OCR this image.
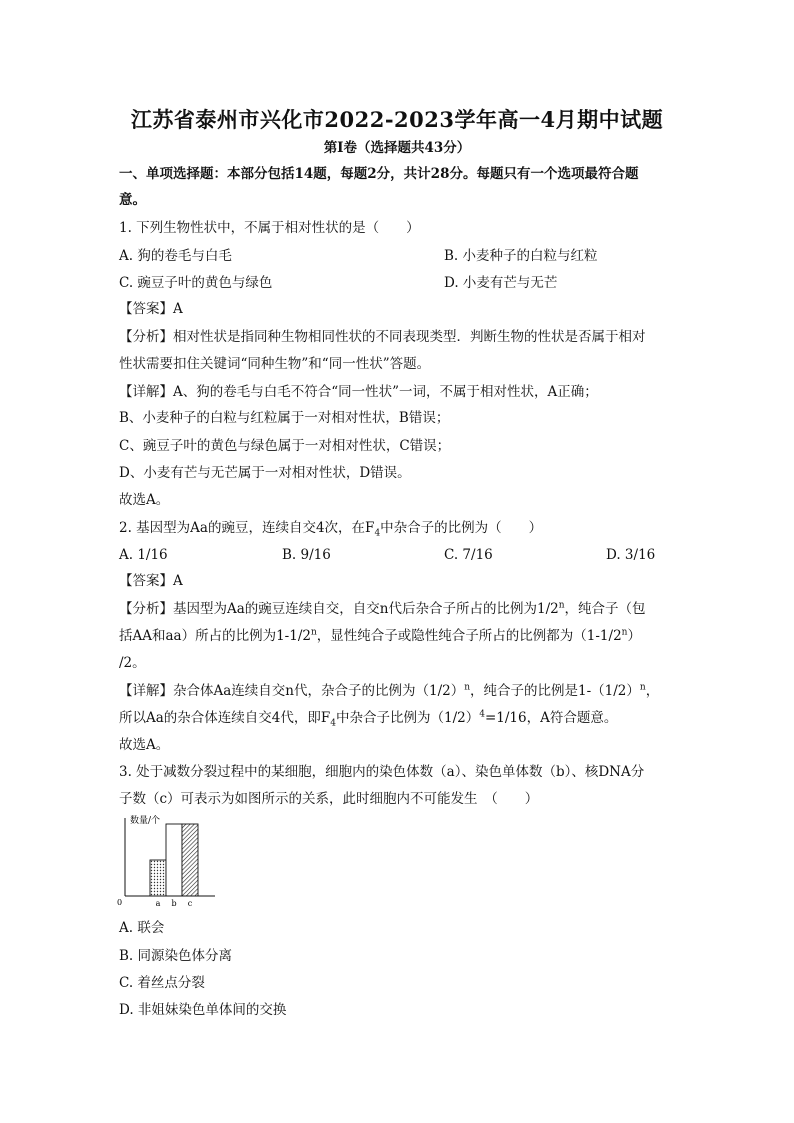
江苏省泰州市兴化市2022-2023学年高一4月期中试题
第Ⅰ卷（选择题共43分）
一、单项选择题：本部分包括14题，每题2分，共计28分。每题只有一个选项最符合题
意。
1. 下列生物性状中，不属于相对性状的是（　　）
A. 狗的卷毛与白毛	B. 小麦种子的白粒与红粒
C. 豌豆子叶的黄色与绿色	D. 小麦有芒与无芒
【答案】A
【分析】相对性状是指同种生物相同性状的不同表现类型．判断生物的性状是否属于相对
性状需要扣住关键词“同种生物”和“同一性状”答题。
【详解】A、狗的卷毛与白毛不符合“同一性状”一词，不属于相对性状，A正确；
B、小麦种子的白粒与红粒属于一对相对性状，B错误；
C、豌豆子叶的黄色与绿色属于一对相对性状，C错误；
D、小麦有芒与无芒属于一对相对性状，D错误。
故选A。
2. 基因型为Aa的豌豆，连续自交4次，在$F_4$中杂合子的比例为（　　）
A. 1/16	B. 9/16	C. 7/16	D. 3/16
【答案】A
【分析】基因型为Aa的豌豆连续自交，自交n代后杂合子所占的比例为1/2$^n$，纯合子（包
括AA和aa）所占的比例为1-1/2$^n$，显性纯合子或隐性纯合子所占的比例都为（1-1/2$^n$）
/2。
【详解】杂合体Aa连续自交n代，杂合子的比例为$(1/2)^n$，纯合子的比例是$1-(1/2)^n$，
所以Aa的杂合体连续自交4代，即$F_4$中杂合子比例为$(1/2)^4=1/16$，A符合题意。
故选A。
3. 处于减数分裂过程中的某细胞，细胞内的染色体数（a）、染色单体数（b）、核DNA分
子数（c）可表示为如图所示的关系，此时细胞内不可能发生　（　　）
a b c
数量/个
0
A. 联会
B. 同源染色体分离
C. 着丝点分裂
D. 非姐妹染色单体间的交换
